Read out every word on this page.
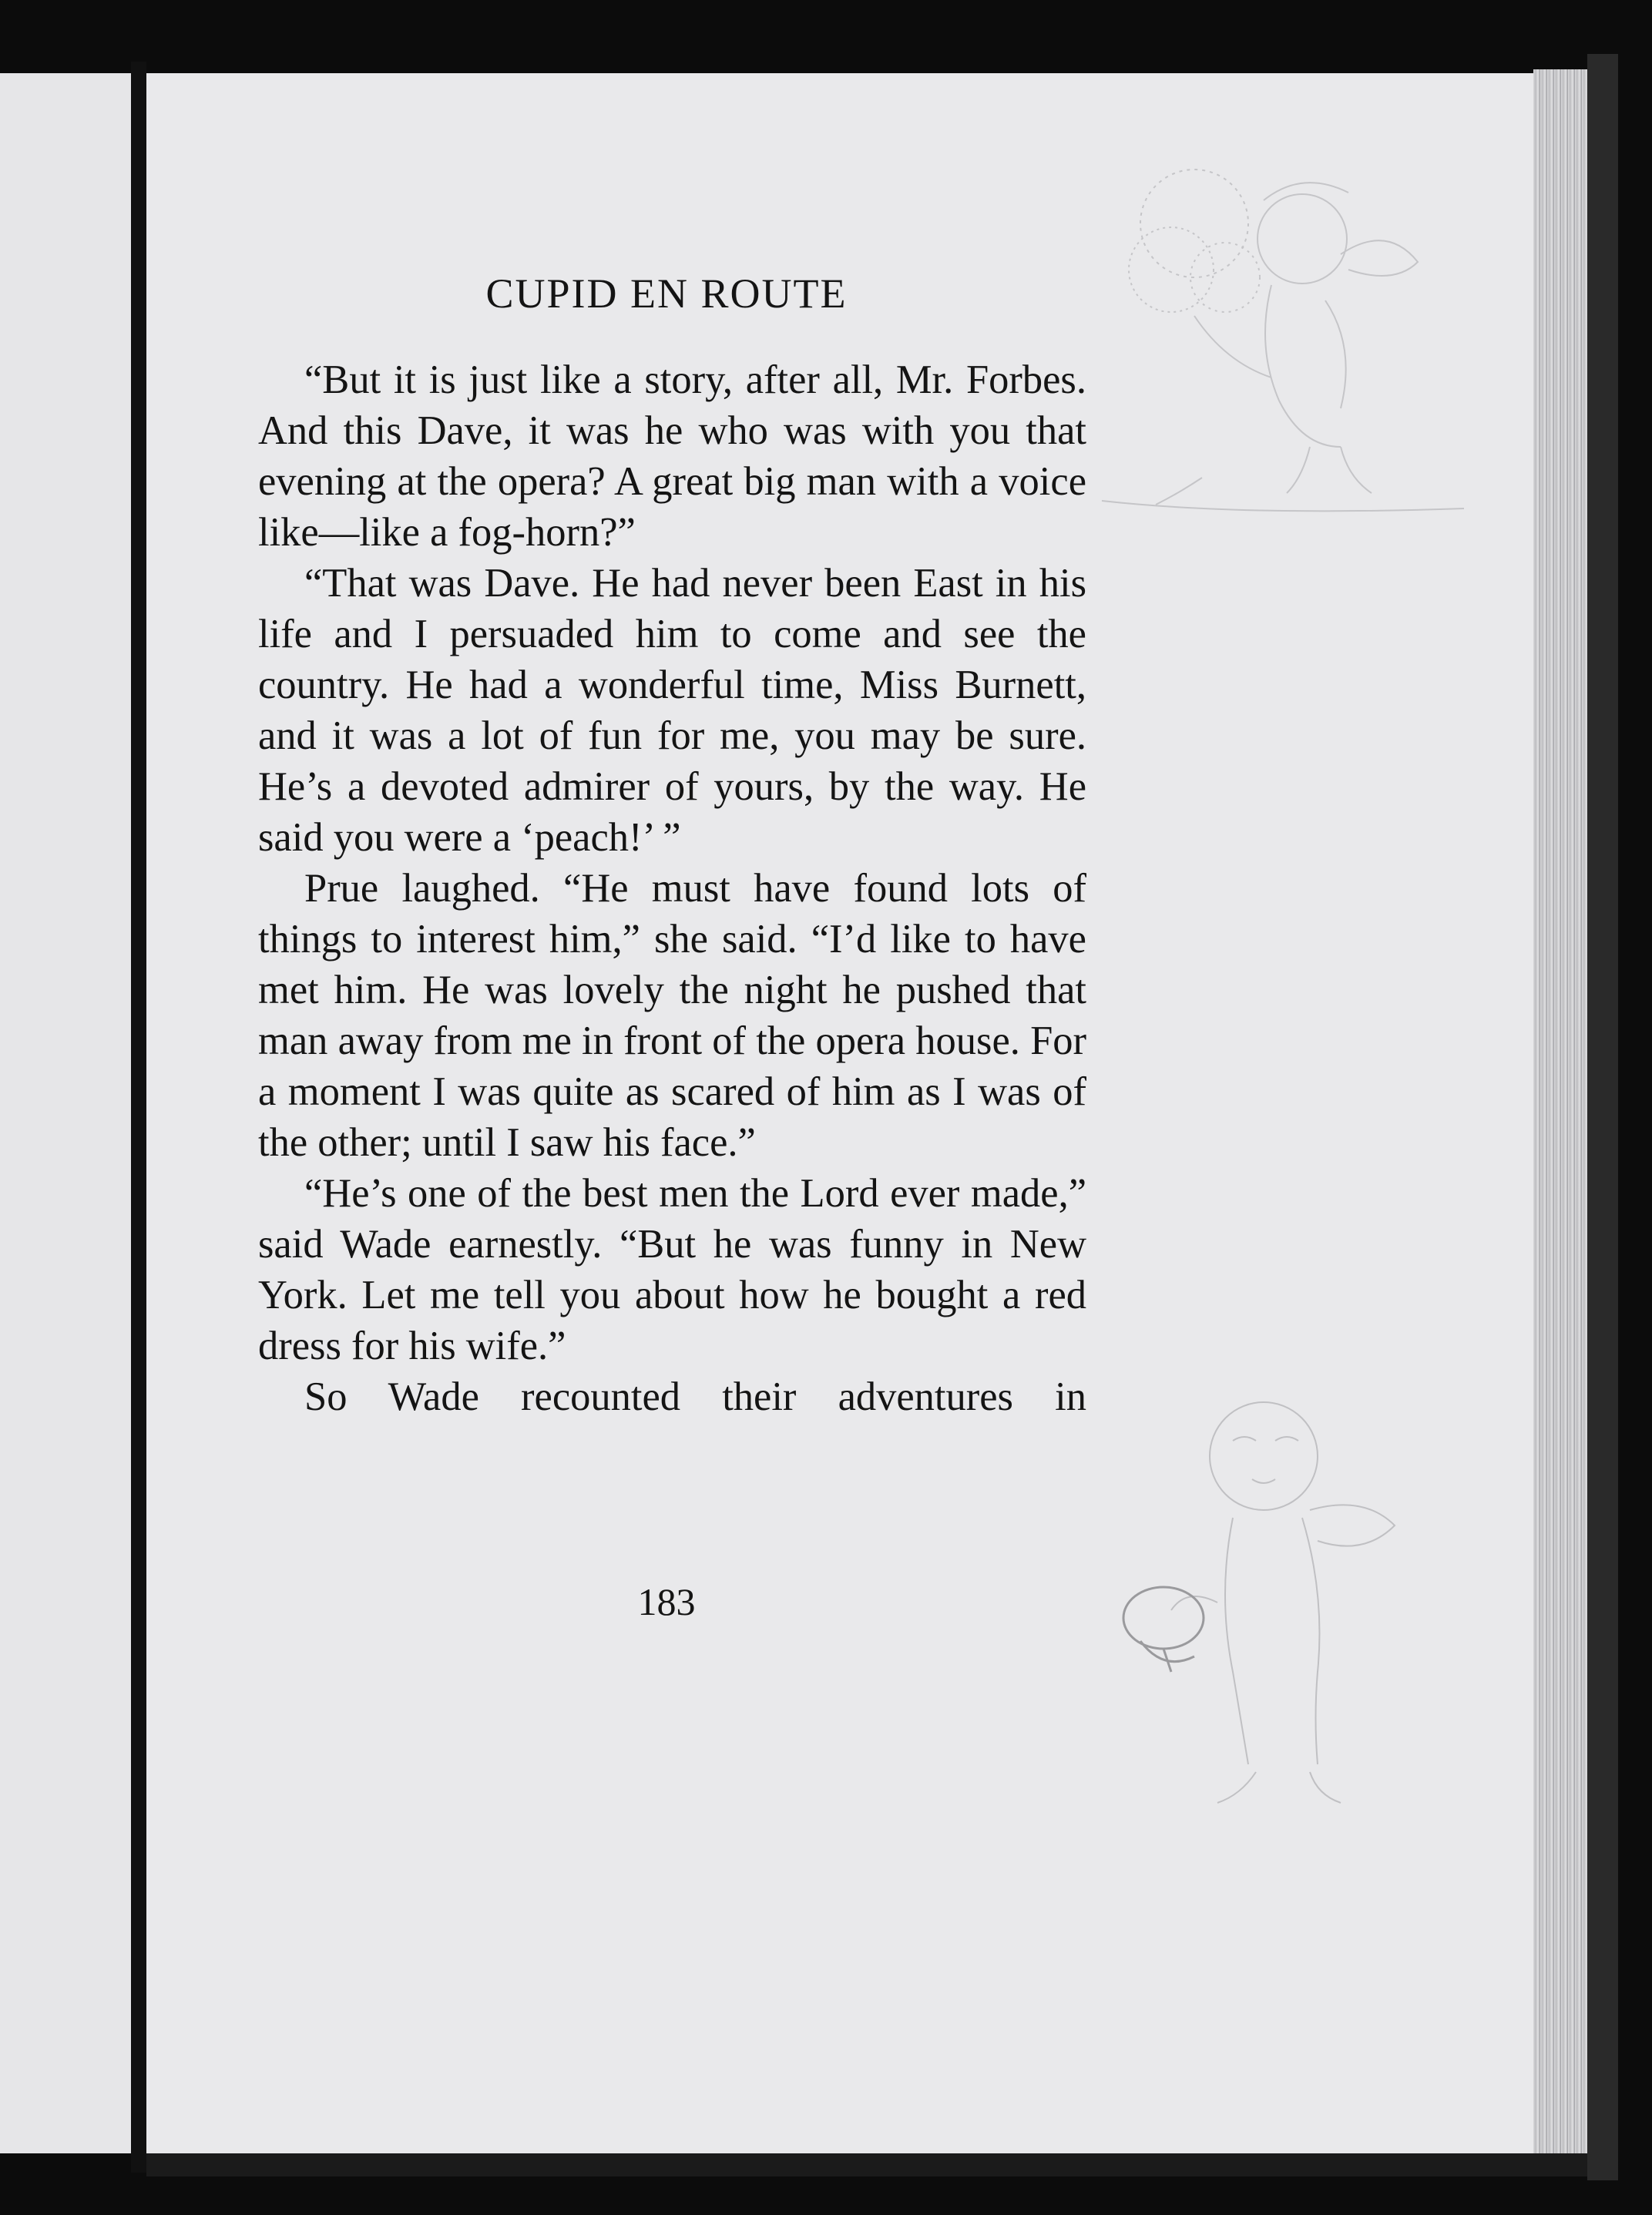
CUPID EN ROUTE

“But it is just like a story, after all, Mr. Forbes. And this Dave, it was he who was with you that evening at the opera? A great big man with a voice like—like a fog-horn?”

“That was Dave. He had never been East in his life and I persuaded him to come and see the country. He had a wonderful time, Miss Burnett, and it was a lot of fun for me, you may be sure. He’s a devoted admirer of yours, by the way. He said you were a ‘peach!’ ”

Prue laughed. “He must have found lots of things to interest him,” she said. “I’d like to have met him. He was lovely the night he pushed that man away from me in front of the opera house. For a moment I was quite as scared of him as I was of the other; until I saw his face.”

“He’s one of the best men the Lord ever made,” said Wade earnestly. “But he was funny in New York. Let me tell you about how he bought a red dress for his wife.”

So Wade recounted their adventures in

183
